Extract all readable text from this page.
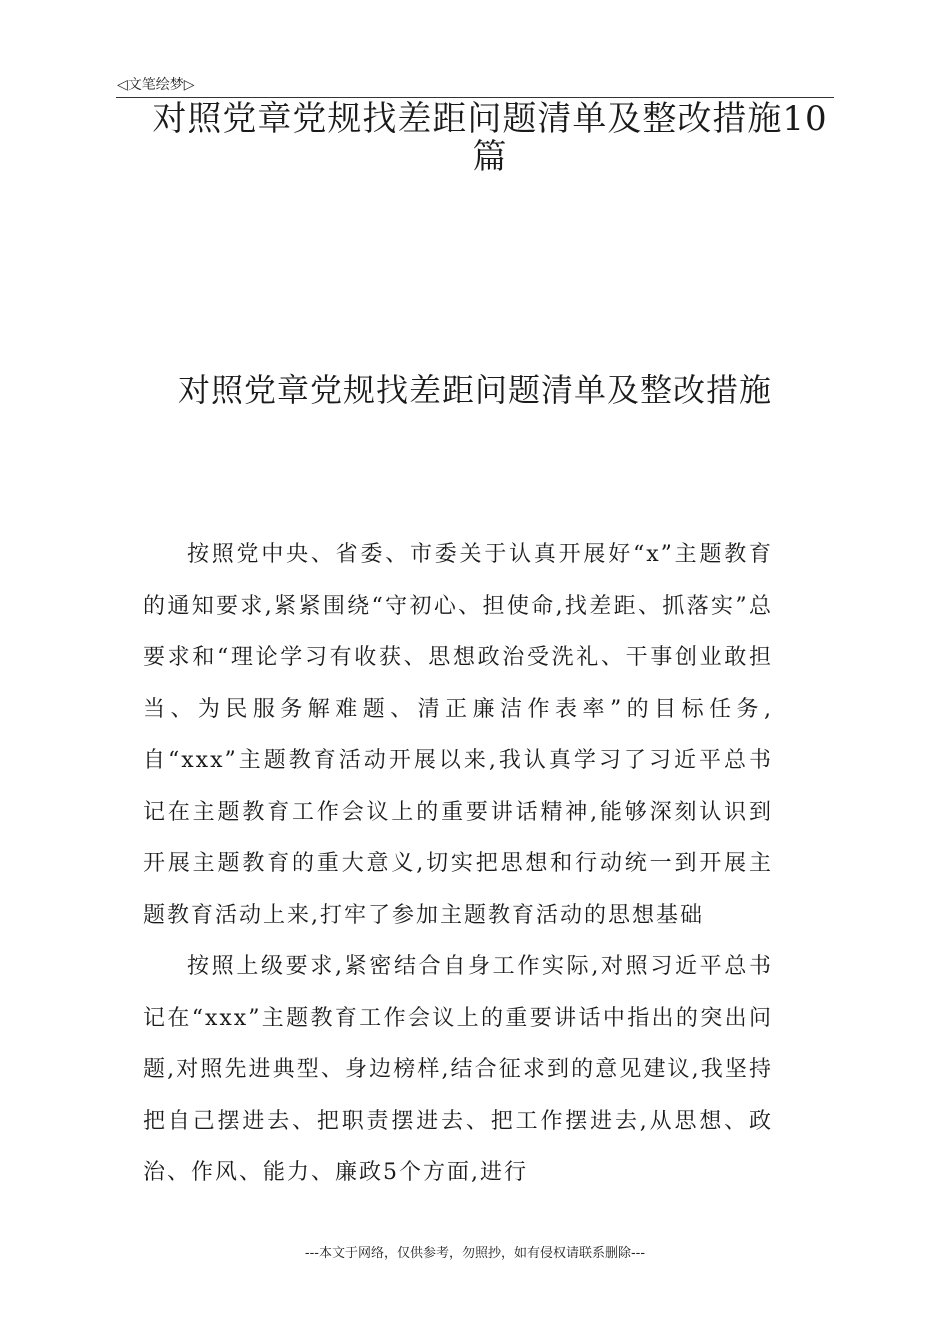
◁文笔绘梦▷
对照党章党规找差距问题清单及整改措施10篇
对照党章党规找差距问题清单及整改措施

按照党中央、省委、市委关于认真开展好“x”主题教育的通知要求,紧紧围绕“守初心、担使命,找差距、抓落实”总要求和“理论学习有收获、思想政治受洗礼、干事创业敢担当、为民服务解难题、清正廉洁作表率”的目标任务,自“xxx”主题教育活动开展以来,我认真学习了习近平总书记在主题教育工作会议上的重要讲话精神,能够深刻认识到开展主题教育的重大意义,切实把思想和行动统一到开展主题教育活动上来,打牢了参加主题教育活动的思想基础

按照上级要求,紧密结合自身工作实际,对照习近平总书记在“xxx”主题教育工作会议上的重要讲话中指出的突出问题,对照先进典型、身边榜样,结合征求到的意见建议,我坚持把自己摆进去、把职责摆进去、把工作摆进去,从思想、政治、作风、能力、廉政5个方面,进行

---本文于网络，仅供参考，勿照抄，如有侵权请联系删除---
